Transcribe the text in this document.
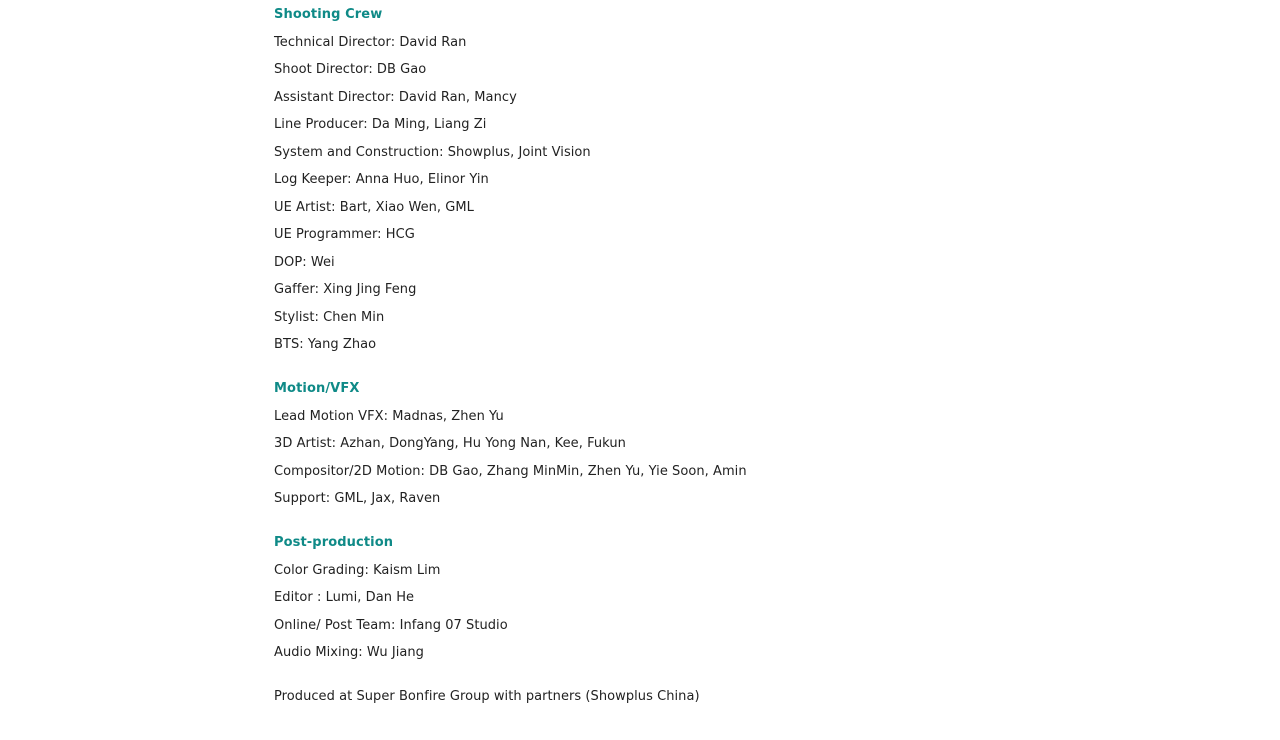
Shooting Crew
Technical Director: David Ran
Shoot Director: DB Gao
Assistant Director: David Ran, Mancy
Line Producer: Da Ming, Liang Zi
System and Construction: Showplus, Joint Vision
Log Keeper: Anna Huo, Elinor Yin
UE Artist: Bart, Xiao Wen, GML
UE Programmer: HCG
DOP: Wei
Gaffer: Xing Jing Feng
Stylist: Chen Min
BTS: Yang Zhao
Motion/VFX
Lead Motion VFX: Madnas, Zhen Yu
3D Artist: Azhan, DongYang, Hu Yong Nan, Kee, Fukun
Compositor/2D Motion: DB Gao, Zhang MinMin, Zhen Yu, Yie Soon, Amin
Support: GML, Jax, Raven
Post-production
Color Grading: Kaism Lim
Editor : Lumi, Dan He
Online/ Post Team: Infang 07 Studio
Audio Mixing: Wu Jiang
Produced at Super Bonfire Group with partners (Showplus China)
